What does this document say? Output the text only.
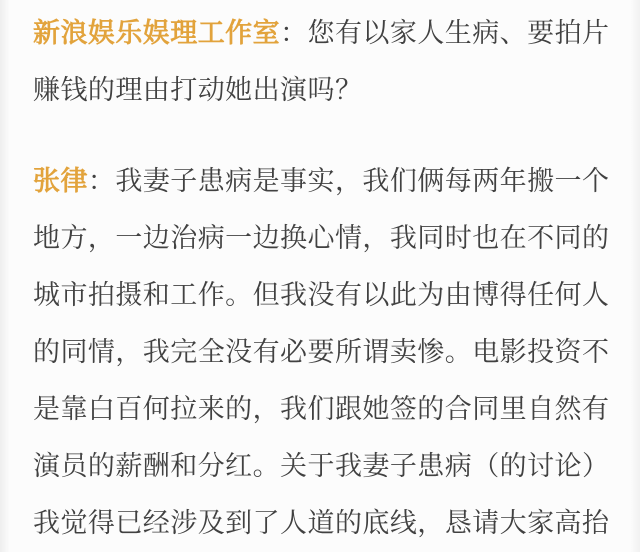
新浪娱乐娱理工作室：您有以家人生病、要拍片赚钱的理由打动她出演吗？

张律：我妻子患病是事实，我们俩每两年搬一个地方，一边治病一边换心情，我同时也在不同的城市拍摄和工作。但我没有以此为由博得任何人的同情，我完全没有必要所谓卖惨。电影投资不是靠白百何拉来的，我们跟她签的合同里自然有演员的薪酬和分红。关于我妻子患病（的讨论）我觉得已经涉及到了人道的底线，恳请大家高抬
